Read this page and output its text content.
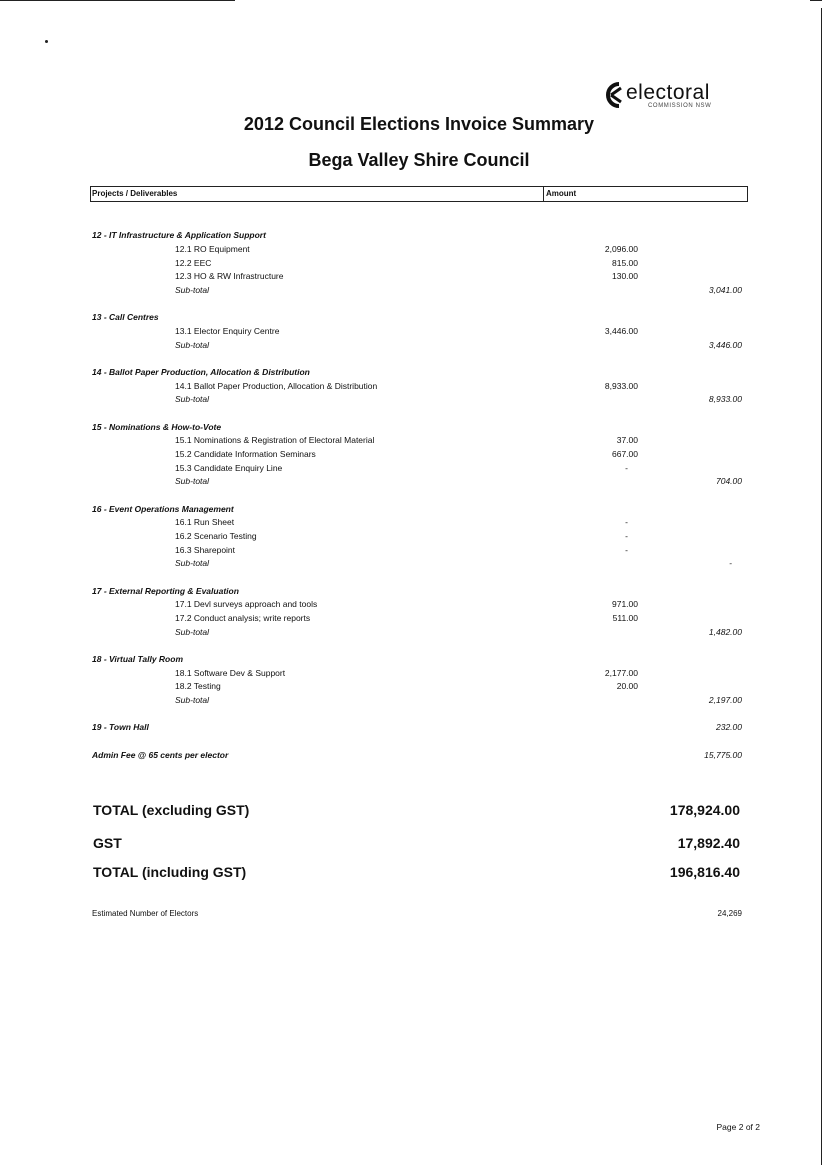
electoral
COMMISSION NSW
2012 Council Elections Invoice Summary
Bega Valley Shire Council
Projects / Deliverables	Amount
12 - IT Infrastructure & Application Support
12.1 RO Equipment	2,096.00
12.2 EEC	815.00
12.3 HO & RW Infrastructure	130.00
Sub-total	3,041.00
13 - Call Centres
13.1 Elector Enquiry Centre	3,446.00
Sub-total	3,446.00
14 - Ballot Paper Production, Allocation & Distribution
14.1 Ballot Paper Production, Allocation & Distribution	8,933.00
Sub-total	8,933.00
15 - Nominations & How-to-Vote
15.1 Nominations & Registration of Electoral Material	37.00
15.2 Candidate Information Seminars	667.00
15.3 Candidate Enquiry Line	-
Sub-total	704.00
16 - Event Operations Management
16.1 Run Sheet	-
16.2 Scenario Testing	-
16.3 Sharepoint	-
Sub-total	-
17 - External Reporting & Evaluation
17.1 Devl surveys approach and tools	971.00
17.2 Conduct analysis; write reports	511.00
Sub-total	1,482.00
18 - Virtual Tally Room
18.1 Software Dev & Support	2,177.00
18.2 Testing	20.00
Sub-total	2,197.00
19 - Town Hall	232.00
Admin Fee @ 65 cents per elector	15,775.00
TOTAL (excluding GST)	178,924.00
GST	17,892.40
TOTAL (including GST)	196,816.40
Estimated Number of Electors	24,269
Page 2 of 2
